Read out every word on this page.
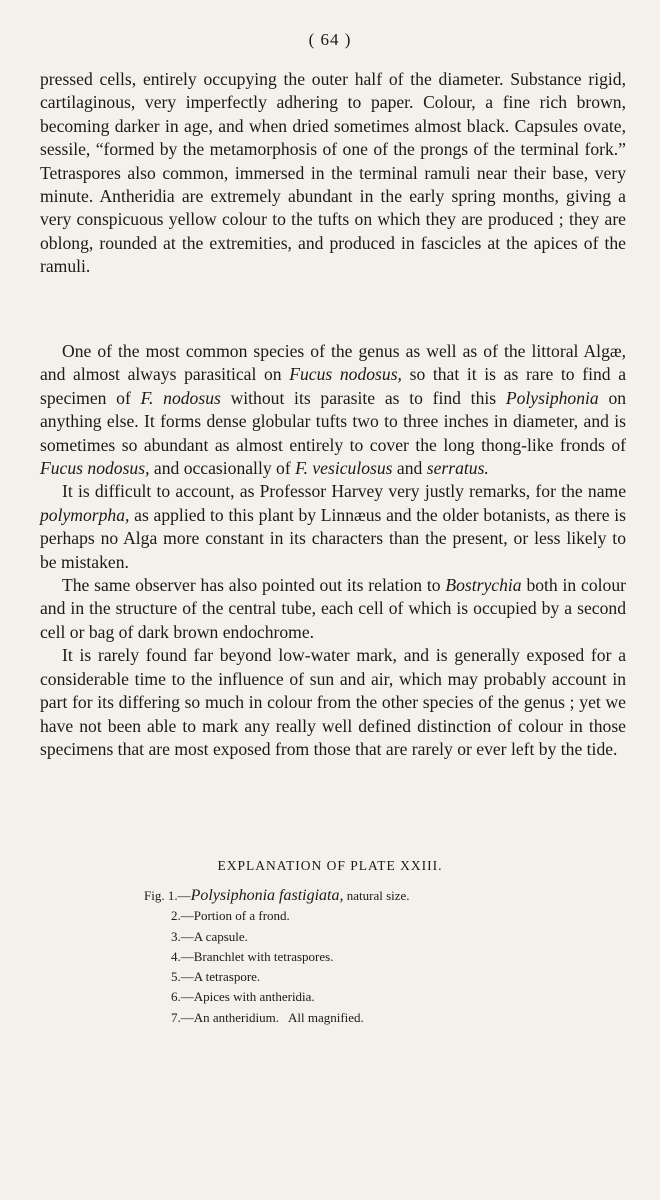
( 64 )

pressed cells, entirely occupying the outer half of the diameter. Substance rigid, cartilaginous, very imperfectly adhering to paper. Colour, a fine rich brown, becoming darker in age, and when dried sometimes almost black. Capsules ovate, sessile, “formed by the metamorphosis of one of the prongs of the terminal fork.” Tetraspores also common, immersed in the terminal ramuli near their base, very minute. Antheridia are extremely abundant in the early spring months, giving a very conspicuous yellow colour to the tufts on which they are produced ; they are oblong, rounded at the extremities, and produced in fascicles at the apices of the ramuli.

One of the most common species of the genus as well as of the littoral Algæ, and almost always parasitical on Fucus nodosus, so that it is as rare to find a specimen of F. nodosus without its parasite as to find this Polysiphonia on anything else. It forms dense globular tufts two to three inches in diameter, and is sometimes so abundant as almost entirely to cover the long thong-like fronds of Fucus nodosus, and occasionally of F. vesiculosus and serratus.

It is difficult to account, as Professor Harvey very justly remarks, for the name polymorpha, as applied to this plant by Linnæus and the older botanists, as there is perhaps no Alga more constant in its characters than the present, or less likely to be mistaken.

The same observer has also pointed out its relation to Bostrychia both in colour and in the structure of the central tube, each cell of which is occupied by a second cell or bag of dark brown endochrome.

It is rarely found far beyond low-water mark, and is generally exposed for a considerable time to the influence of sun and air, which may probably account in part for its differing so much in colour from the other species of the genus ; yet we have not been able to mark any really well defined distinction of colour in those specimens that are most exposed from those that are rarely or ever left by the tide.

EXPLANATION OF PLATE XXIII.
Fig. 1.—Polysiphonia fastigiata, natural size.
2.—Portion of a frond.
3.—A capsule.
4.—Branchlet with tetraspores.
5.—A tetraspore.
6.—Apices with antheridia.
7.—An antheridium.   All magnified.
